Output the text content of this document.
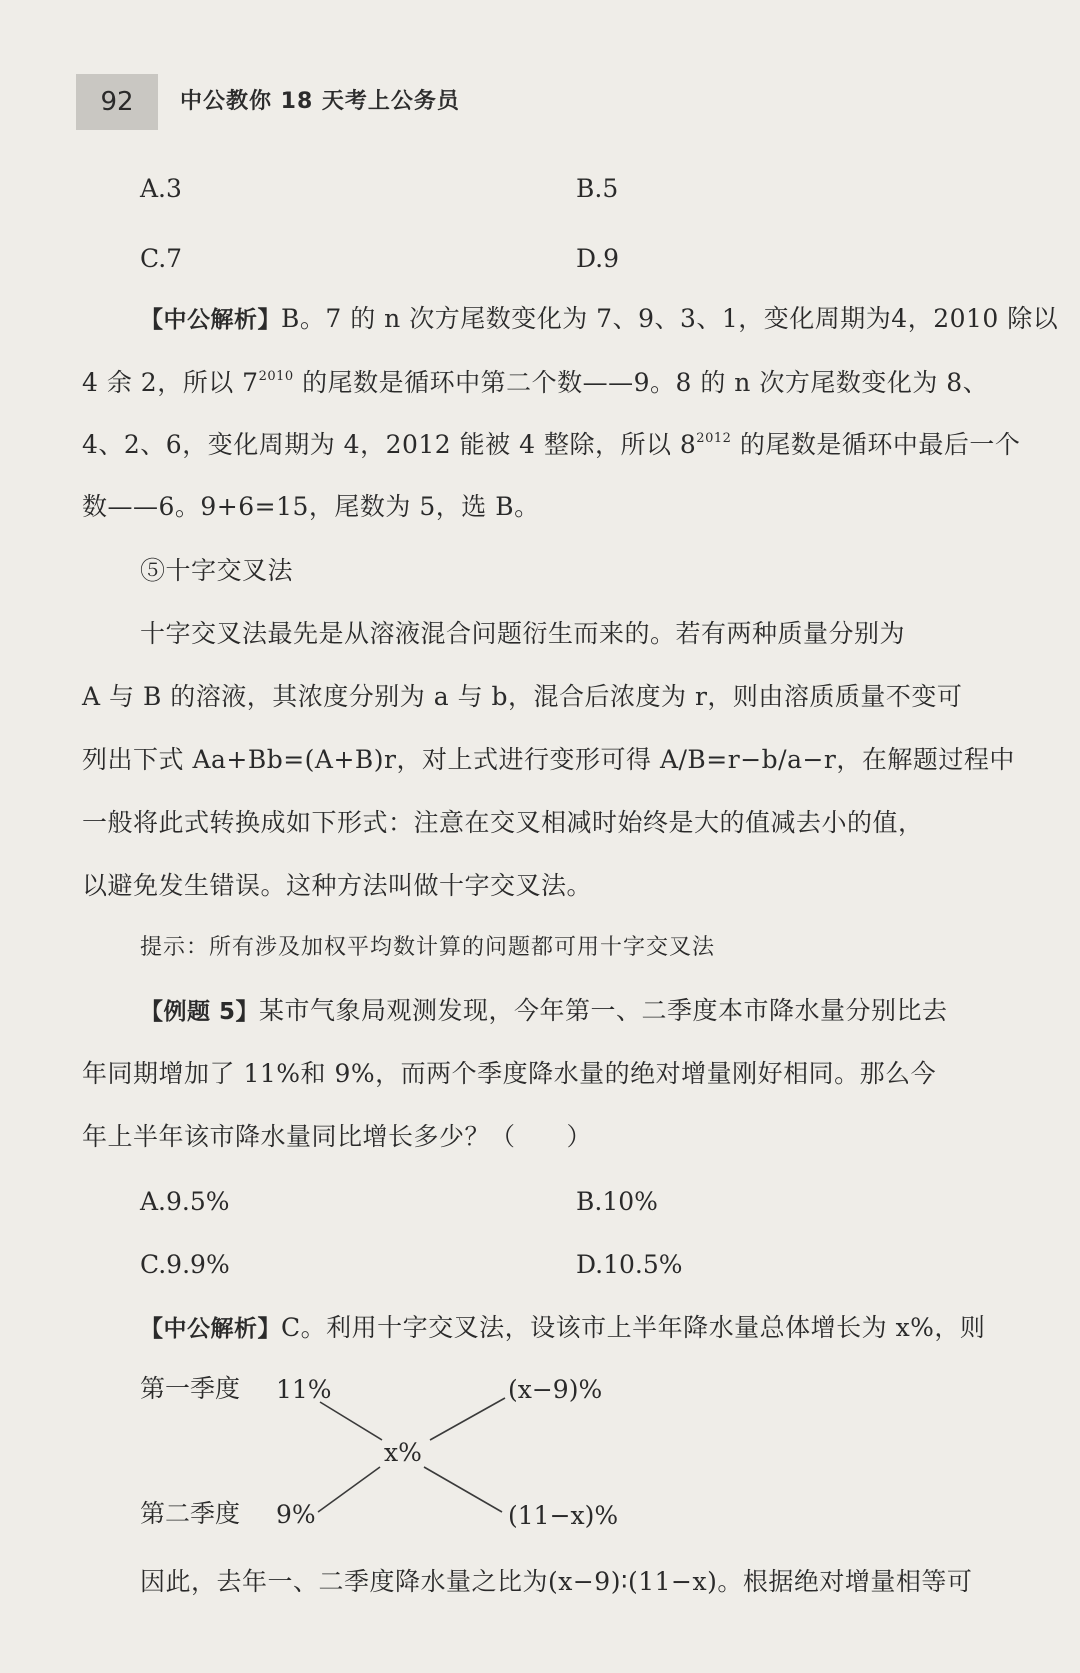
92	中公教你 18 天考上公务员
A.3	B.5
C.7	D.9
【中公解析】B。7 的 n 次方尾数变化为 7、9、3、1，变化周期为4，2010 除以
4 余 2，所以 $7^{2010}$ 的尾数是循环中第二个数——9。8 的 n 次方尾数变化为 8、
4、2、6，变化周期为 4，2012 能被 4 整除，所以 $8^{2012}$ 的尾数是循环中最后一个
数——6。9+6=15，尾数为 5，选 B。
⑤十字交叉法
十字交叉法最先是从溶液混合问题衍生而来的。若有两种质量分别为
A 与 B 的溶液，其浓度分别为 a 与 b，混合后浓度为 r，则由溶质质量不变可
列出下式 Aa+Bb=(A+B)r，对上式进行变形可得 A/B=r−b/a−r，在解题过程中
一般将此式转换成如下形式：注意在交叉相减时始终是大的值减去小的值，
以避免发生错误。这种方法叫做十字交叉法。
提示：所有涉及加权平均数计算的问题都可用十字交叉法
【例题 5】某市气象局观测发现，今年第一、二季度本市降水量分别比去
年同期增加了 11%和 9%，而两个季度降水量的绝对增量刚好相同。那么今
年上半年该市降水量同比增长多少？（　　）
A.9.5%	B.10%
C.9.9%	D.10.5%
【中公解析】C。利用十字交叉法，设该市上半年降水量总体增长为 x%，则
第一季度 11%	(x−9)%
x%
第二季度 9%	(11−x)%
因此，去年一、二季度降水量之比为(x−9)∶(11−x)。根据绝对增量相等可
